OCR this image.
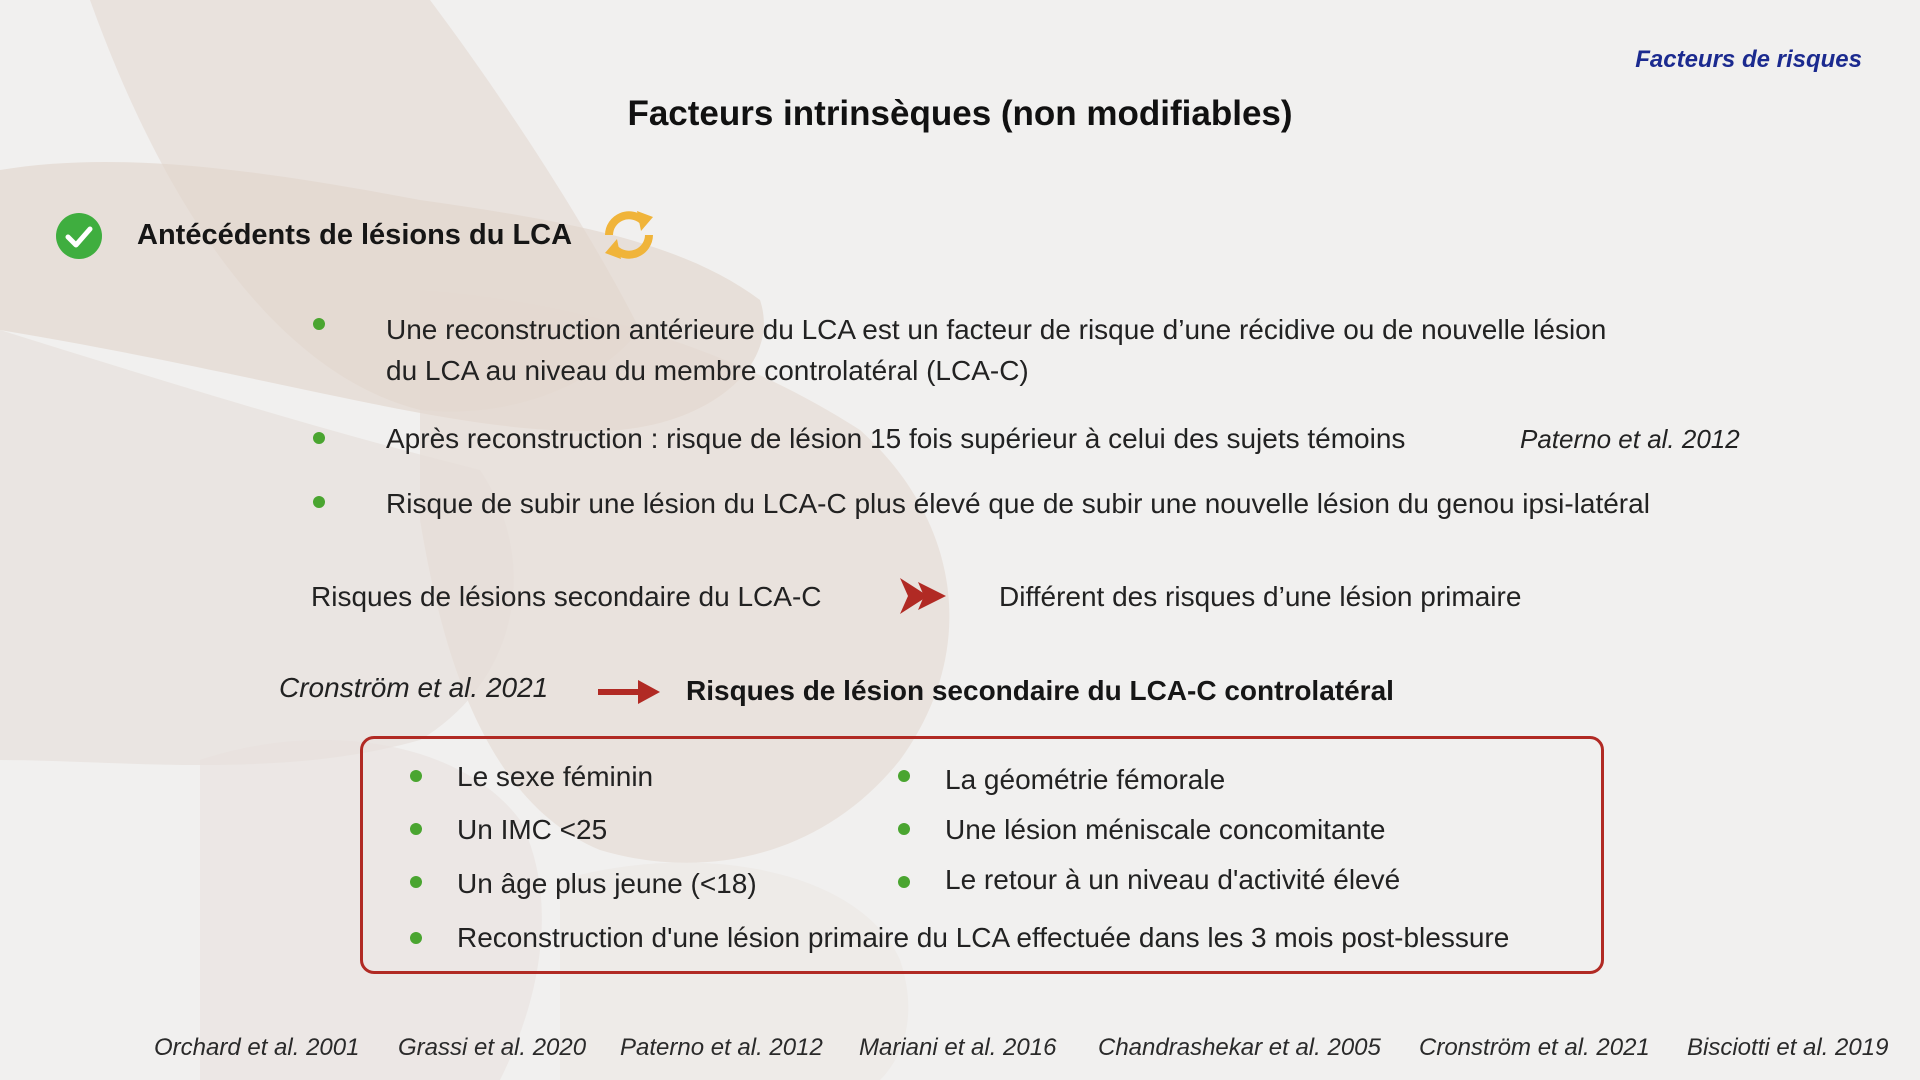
Facteurs de risques
Facteurs intrinsèques (non modifiables)
Antécédents de lésions du LCA
Une reconstruction antérieure du LCA est un facteur de risque d’une récidive ou de nouvelle lésion
du LCA au niveau du membre controlatéral (LCA-C)
Après reconstruction : risque de lésion 15 fois supérieur à celui des sujets témoins	Paterno et al. 2012
Risque de subir une lésion du LCA-C plus élevé que de subir une nouvelle lésion du genou ipsi-latéral
Risques de lésions secondaire du LCA-C	Différent des risques d’une lésion primaire
Cronström et al. 2021	Risques de lésion secondaire du LCA-C controlatéral
Le sexe féminin
Un IMC <25
Un âge plus jeune (<18)
La géométrie fémorale
Une lésion méniscale concomitante
Le retour à un niveau d'activité élevé
Reconstruction d'une lésion primaire du LCA effectuée dans les 3 mois post-blessure
Orchard et al. 2001 Grassi et al. 2020 Paterno et al. 2012 Mariani et al. 2016 Chandrashekar et al. 2005 Cronström et al. 2021 Bisciotti et al. 2019
